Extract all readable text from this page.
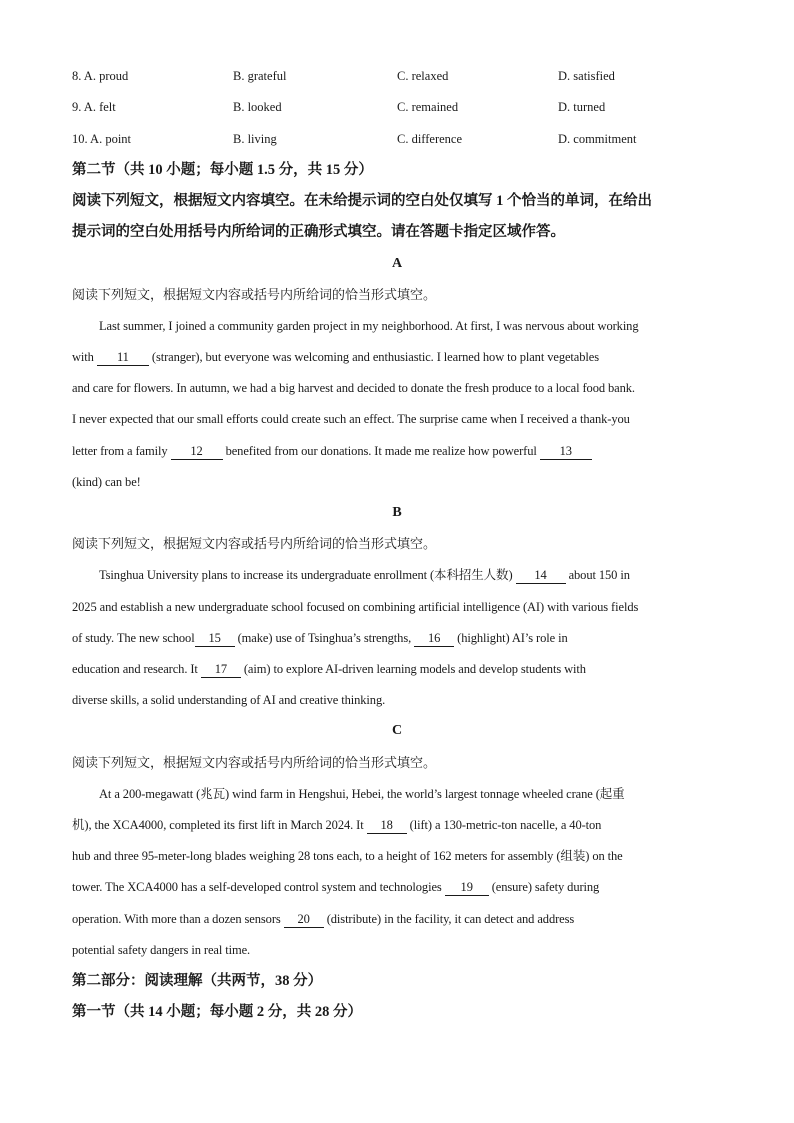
8. A. proud	B. grateful	C. relaxed	D. satisfied
9. A. felt	B. looked	C. remained	D. turned
10. A. point	B. living	C. difference	D. commitment
第二节（共 10 小题；每小题 1.5 分，共 15 分）
阅读下列短文，根据短文内容填空。在未给提示词的空白处仅填写 1 个恰当的单词，在给出
提示词的空白处用括号内所给词的正确形式填空。请在答题卡指定区域作答。
A
阅读下列短文，根据短文内容或括号内所给词的恰当形式填空。
Last summer, I joined a community garden project in my neighborhood. At first, I was nervous about working
with 11 (stranger), but everyone was welcoming and enthusiastic. I learned how to plant vegetables
and care for flowers. In autumn, we had a big harvest and decided to donate the fresh produce to a local food bank.
I never expected that our small efforts could create such an effect. The surprise came when I received a thank-you
letter from a family 12 benefited from our donations. It made me realize how powerful 13
(kind) can be!
B
阅读下列短文，根据短文内容或括号内所给词的恰当形式填空。
Tsinghua University plans to increase its undergraduate enrollment (本科招生人数) 14 about 150 in
2025 and establish a new undergraduate school focused on combining artificial intelligence (AI) with various fields
of study. The new school 15 (make) use of Tsinghua’s strengths, 16 (highlight) AI’s role in
education and research. It 17 (aim) to explore AI-driven learning models and develop students with
diverse skills, a solid understanding of AI and creative thinking.
C
阅读下列短文，根据短文内容或括号内所给词的恰当形式填空。
At a 200-megawatt (兆瓦) wind farm in Hengshui, Hebei, the world’s largest tonnage wheeled crane (起重
机), the XCA4000, completed its first lift in March 2024. It 18 (lift) a 130-metric-ton nacelle, a 40-ton
hub and three 95-meter-long blades weighing 28 tons each, to a height of 162 meters for assembly (组装) on the
tower. The XCA4000 has a self-developed control system and technologies 19 (ensure) safety during
operation. With more than a dozen sensors 20 (distribute) in the facility, it can detect and address
potential safety dangers in real time.
第二部分：阅读理解（共两节，38 分）
第一节（共 14 小题；每小题 2 分，共 28 分）
